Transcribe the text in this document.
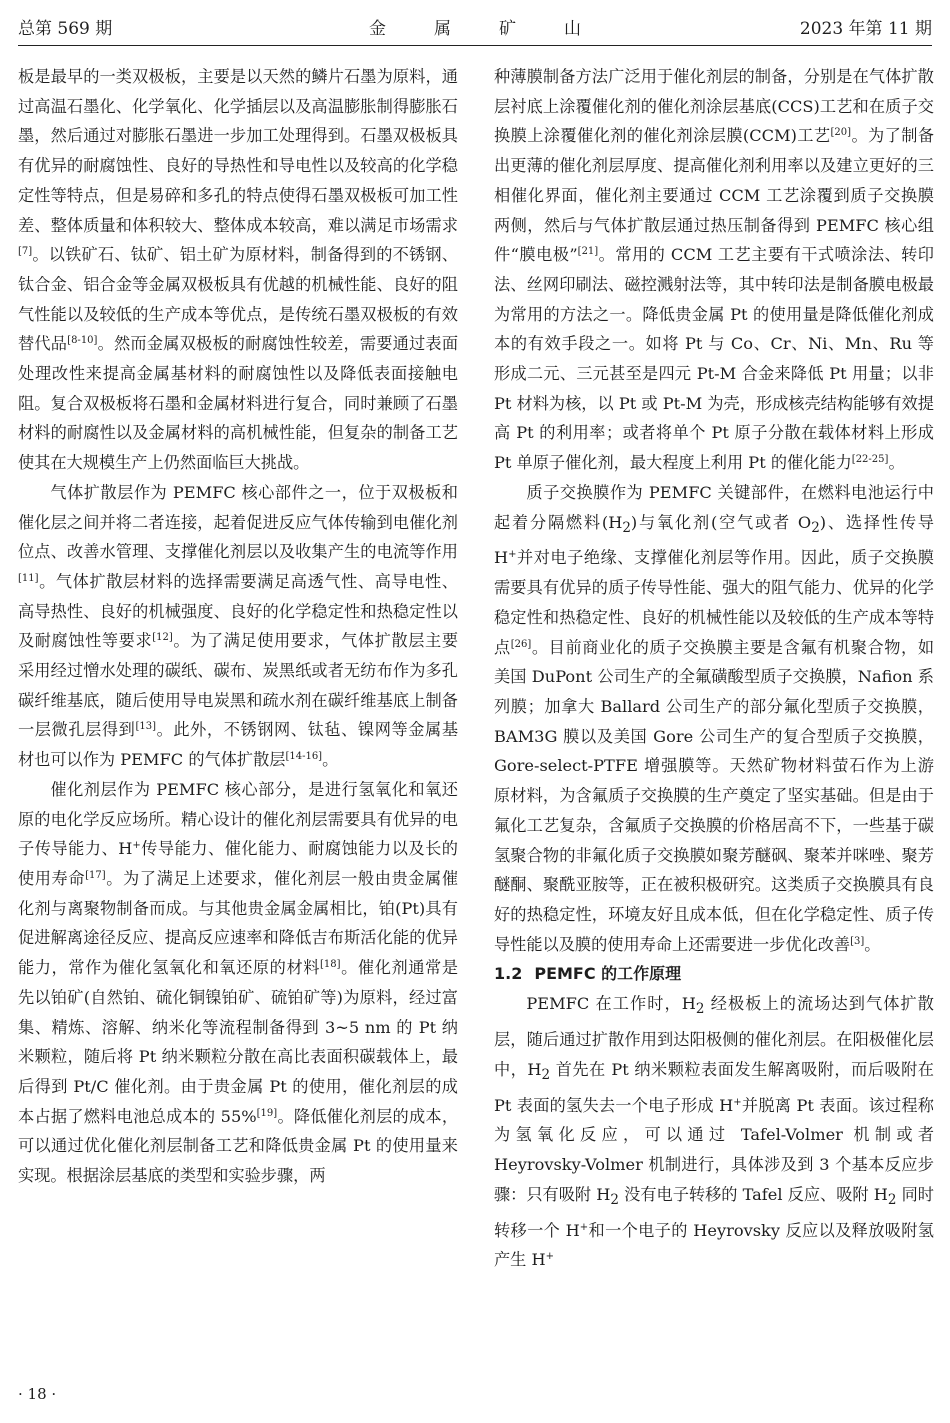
总第 569 期	金属矿山	2023 年第 11 期

板是最早的一类双极板，主要是以天然的鳞片石墨为原料，通过高温石墨化、化学氧化、化学插层以及高温膨胀制得膨胀石墨，然后通过对膨胀石墨进一步加工处理得到。石墨双极板具有优异的耐腐蚀性、良好的导热性和导电性以及较高的化学稳定性等特点，但是易碎和多孔的特点使得石墨双极板可加工性差、整体质量和体积较大、整体成本较高，难以满足市场需求[7]。以铁矿石、钛矿、铝土矿为原材料，制备得到的不锈钢、钛合金、铝合金等金属双极板具有优越的机械性能、良好的阻气性能以及较低的生产成本等优点，是传统石墨双极板的有效替代品[8-10]。然而金属双极板的耐腐蚀性较差，需要通过表面处理改性来提高金属基材料的耐腐蚀性以及降低表面接触电阻。复合双极板将石墨和金属材料进行复合，同时兼顾了石墨材料的耐腐性以及金属材料的高机械性能，但复杂的制备工艺使其在大规模生产上仍然面临巨大挑战。

气体扩散层作为 PEMFC 核心部件之一，位于双极板和催化层之间并将二者连接，起着促进反应气体传输到电催化剂位点、改善水管理、支撑催化剂层以及收集产生的电流等作用[11]。气体扩散层材料的选择需要满足高透气性、高导电性、高导热性、良好的机械强度、良好的化学稳定性和热稳定性以及耐腐蚀性等要求[12]。为了满足使用要求，气体扩散层主要采用经过憎水处理的碳纸、碳布、炭黑纸或者无纺布作为多孔碳纤维基底，随后使用导电炭黑和疏水剂在碳纤维基底上制备一层微孔层得到[13]。此外，不锈钢网、钛毡、镍网等金属基材也可以作为 PEMFC 的气体扩散层[14-16]。

催化剂层作为 PEMFC 核心部分，是进行氢氧化和氧还原的电化学反应场所。精心设计的催化剂层需要具有优异的电子传导能力、H+传导能力、催化能力、耐腐蚀能力以及长的使用寿命[17]。为了满足上述要求，催化剂层一般由贵金属催化剂与离聚物制备而成。与其他贵金属金属相比，铂(Pt)具有促进解离途径反应、提高反应速率和降低吉布斯活化能的优异能力，常作为催化氢氧化和氧还原的材料[18]。催化剂通常是先以铂矿(自然铂、硫化铜镍铂矿、硫铂矿等)为原料，经过富集、精炼、溶解、纳米化等流程制备得到 3~5 nm 的 Pt 纳米颗粒，随后将 Pt 纳米颗粒分散在高比表面积碳载体上，最后得到 Pt/C 催化剂。由于贵金属 Pt 的使用，催化剂层的成本占据了燃料电池总成本的 55%[19]。降低催化剂层的成本，可以通过优化催化剂层制备工艺和降低贵金属 Pt 的使用量来实现。根据涂层基底的类型和实验步骤，两

种薄膜制备方法广泛用于催化剂层的制备，分别是在气体扩散层衬底上涂覆催化剂的催化剂涂层基底(CCS)工艺和在质子交换膜上涂覆催化剂的催化剂涂层膜(CCM)工艺[20]。为了制备出更薄的催化剂层厚度、提高催化剂利用率以及建立更好的三相催化界面，催化剂主要通过 CCM 工艺涂覆到质子交换膜两侧，然后与气体扩散层通过热压制备得到 PEMFC 核心组件“膜电极”[21]。常用的 CCM 工艺主要有干式喷涂法、转印法、丝网印刷法、磁控溅射法等，其中转印法是制备膜电极最为常用的方法之一。降低贵金属 Pt 的使用量是降低催化剂成本的有效手段之一。如将 Pt 与 Co、Cr、Ni、Mn、Ru 等形成二元、三元甚至是四元 Pt-M 合金来降低 Pt 用量；以非 Pt 材料为核，以 Pt 或 Pt-M 为壳，形成核壳结构能够有效提高 Pt 的利用率；或者将单个 Pt 原子分散在载体材料上形成 Pt 单原子催化剂，最大程度上利用 Pt 的催化能力[22-25]。

质子交换膜作为 PEMFC 关键部件，在燃料电池运行中起着分隔燃料$(H_2)$与氧化剂(空气或者 $O_2$)、选择性传导 H+并对电子绝缘、支撑催化剂层等作用。因此，质子交换膜需要具有优异的质子传导性能、强大的阻气能力、优异的化学稳定性和热稳定性、良好的机械性能以及较低的生产成本等特点[26]。目前商业化的质子交换膜主要是含氟有机聚合物，如美国 DuPont 公司生产的全氟磺酸型质子交换膜，Nafion 系列膜；加拿大 Ballard 公司生产的部分氟化型质子交换膜，BAM3G 膜以及美国 Gore 公司生产的复合型质子交换膜，Gore-select-PTFE 增强膜等。天然矿物材料萤石作为上游原材料，为含氟质子交换膜的生产奠定了坚实基础。但是由于氟化工艺复杂，含氟质子交换膜的价格居高不下，一些基于碳氢聚合物的非氟化质子交换膜如聚芳醚砜、聚苯并咪唑、聚芳醚酮、聚酰亚胺等，正在被积极研究。这类质子交换膜具有良好的热稳定性，环境友好且成本低，但在化学稳定性、质子传导性能以及膜的使用寿命上还需要进一步优化改善[3]。

1.2 PEMFC 的工作原理

PEMFC 在工作时，$H_2$ 经极板上的流场达到气体扩散层，随后通过扩散作用到达阳极侧的催化剂层。在阳极催化层中，$H_2$ 首先在 Pt 纳米颗粒表面发生解离吸附，而后吸附在 Pt 表面的氢失去一个电子形成 H+并脱离 Pt 表面。该过程称为氢氧化反应，可以通过 Tafel-Volmer 机制或者 Heyrovsky-Volmer 机制进行，具体涉及到 3 个基本反应步骤：只有吸附 $H_2$ 没有电子转移的 Tafel 反应、吸附 $H_2$ 同时转移一个 H+和一个电子的 Heyrovsky 反应以及释放吸附氢产生 H+

· 18 ·
